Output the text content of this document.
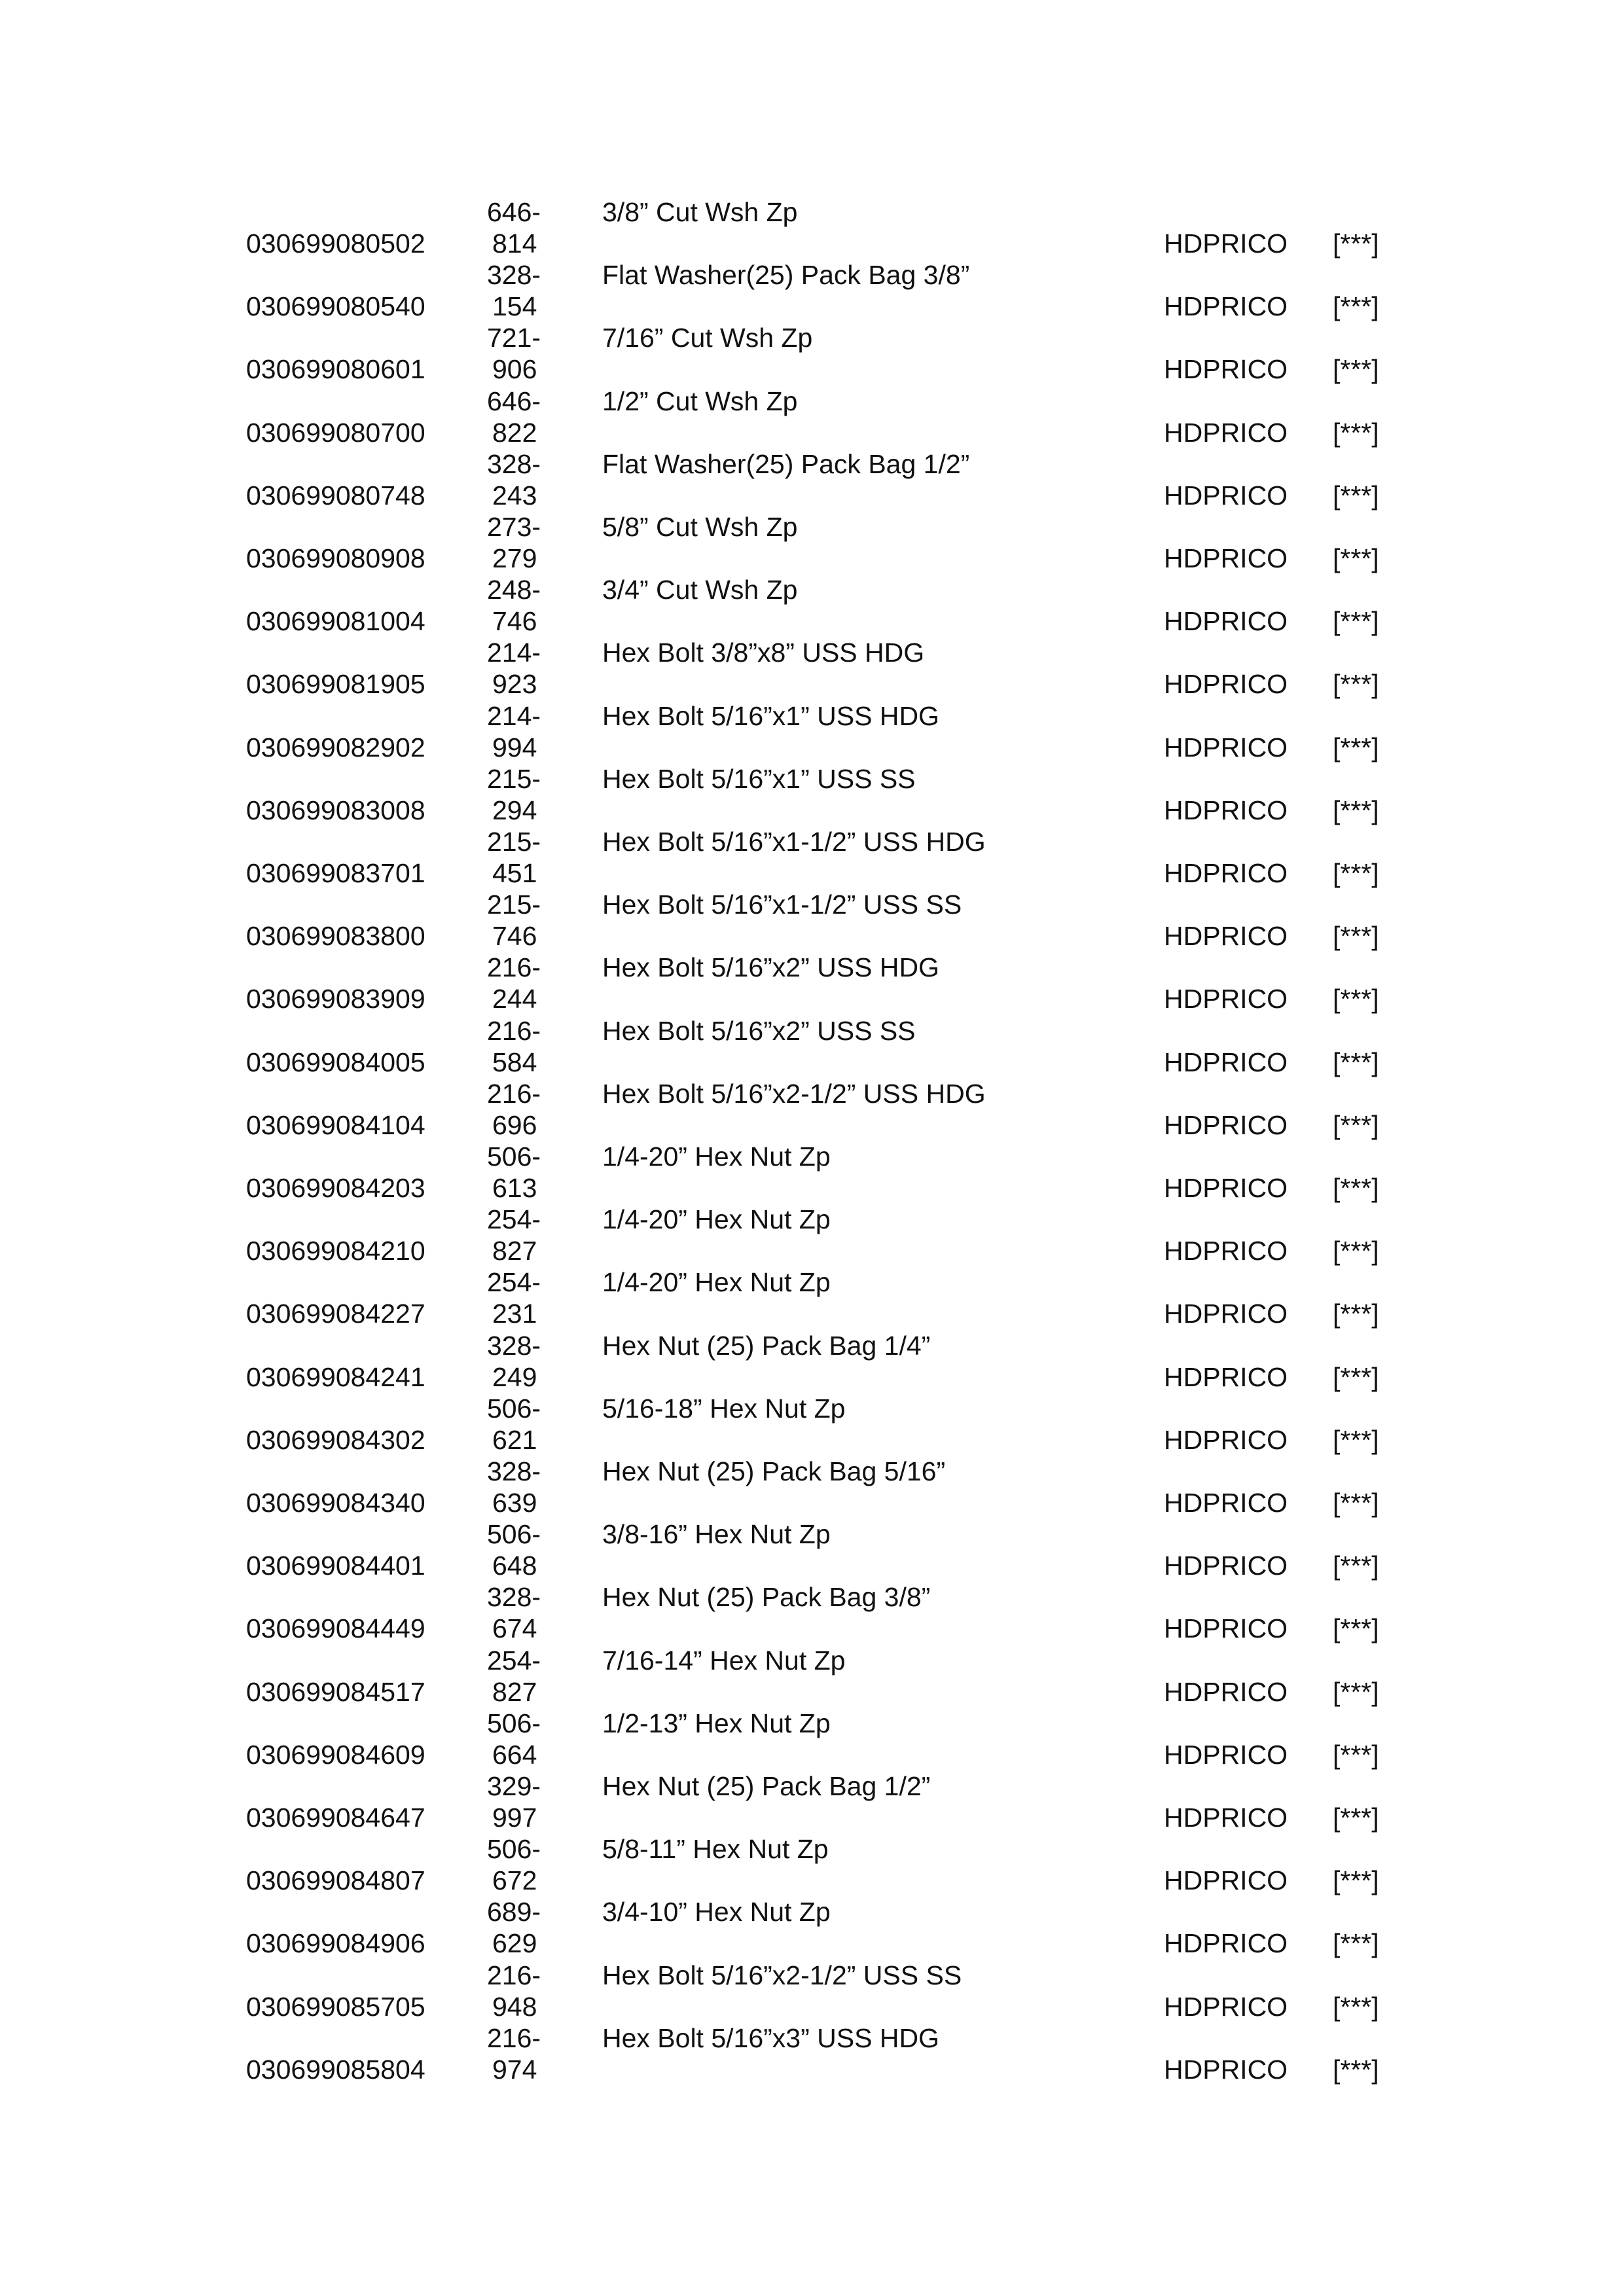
030699080502
646-
814
3/8” Cut Wsh Zp
HDPRICO [***]
030699080540
328-
154
Flat Washer(25) Pack Bag 3/8”
HDPRICO [***]
030699080601
721-
906
7/16” Cut Wsh Zp
HDPRICO [***]
030699080700
646-
822
1/2” Cut Wsh Zp
HDPRICO [***]
030699080748
328-
243
Flat Washer(25) Pack Bag 1/2”
HDPRICO [***]
030699080908
273-
279
5/8” Cut Wsh Zp
HDPRICO [***]
030699081004
248-
746
3/4” Cut Wsh Zp
HDPRICO [***]
030699081905
214-
923
Hex Bolt 3/8”x8” USS HDG
HDPRICO [***]
030699082902
214-
994
Hex Bolt 5/16”x1” USS HDG
HDPRICO [***]
030699083008
215-
294
Hex Bolt 5/16”x1” USS SS
HDPRICO [***]
030699083701
215-
451
Hex Bolt 5/16”x1-1/2” USS HDG
HDPRICO [***]
030699083800
215-
746
Hex Bolt 5/16”x1-1/2” USS SS
HDPRICO [***]
030699083909
216-
244
Hex Bolt 5/16”x2” USS HDG
HDPRICO [***]
030699084005
216-
584
Hex Bolt 5/16”x2” USS SS
HDPRICO [***]
030699084104
216-
696
Hex Bolt 5/16”x2-1/2” USS HDG
HDPRICO [***]
030699084203
506-
613
1/4-20” Hex Nut Zp
HDPRICO [***]
030699084210
254-
827
1/4-20” Hex Nut Zp
HDPRICO [***]
030699084227
254-
231
1/4-20” Hex Nut Zp
HDPRICO [***]
030699084241
328-
249
Hex Nut (25) Pack Bag 1/4”
HDPRICO [***]
030699084302
506-
621
5/16-18” Hex Nut Zp
HDPRICO [***]
030699084340
328-
639
Hex Nut (25) Pack Bag 5/16”
HDPRICO [***]
030699084401
506-
648
3/8-16” Hex Nut Zp
HDPRICO [***]
030699084449
328-
674
Hex Nut (25) Pack Bag 3/8”
HDPRICO [***]
030699084517
254-
827
7/16-14” Hex Nut Zp
HDPRICO [***]
030699084609
506-
664
1/2-13” Hex Nut Zp
HDPRICO [***]
030699084647
329-
997
Hex Nut (25) Pack Bag 1/2”
HDPRICO [***]
030699084807
506-
672
5/8-11” Hex Nut Zp
HDPRICO [***]
030699084906
689-
629
3/4-10” Hex Nut Zp
HDPRICO [***]
030699085705
216-
948
Hex Bolt 5/16”x2-1/2” USS SS
HDPRICO [***]
030699085804
216-
974
Hex Bolt 5/16”x3” USS HDG
HDPRICO [***]
